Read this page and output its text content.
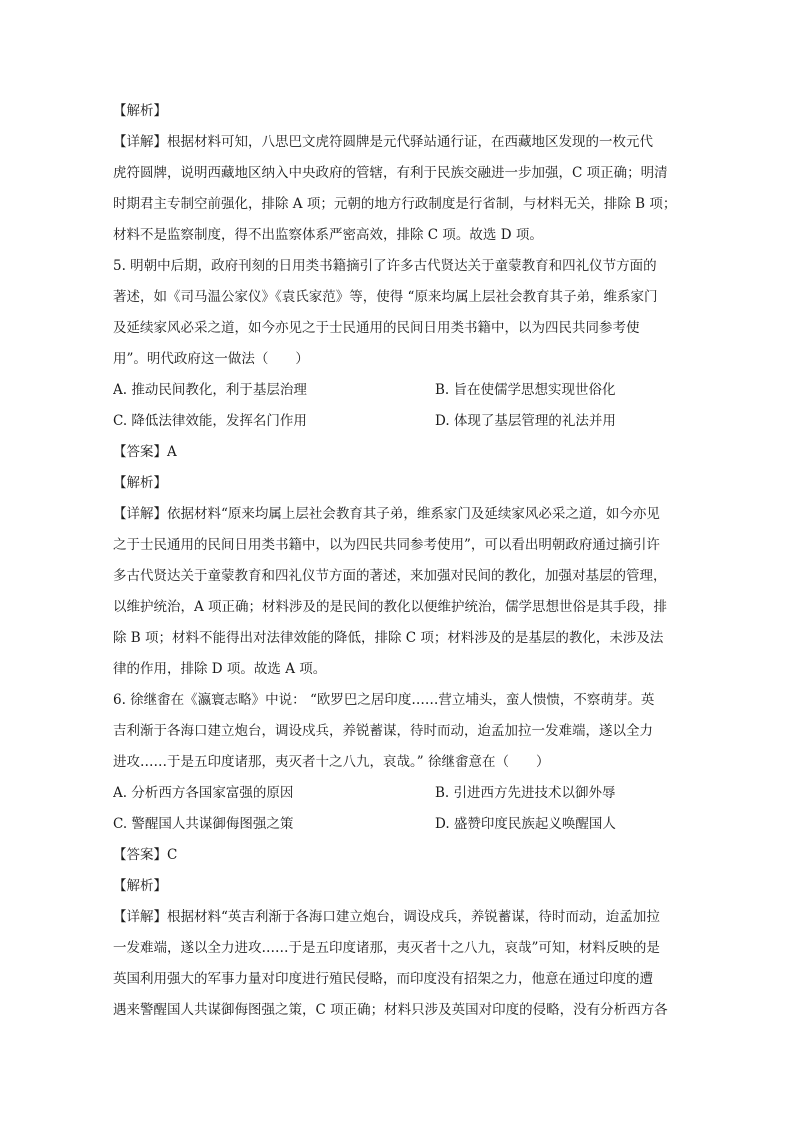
【解析】
【详解】根据材料可知，八思巴文虎符圆牌是元代驿站通行证，在西藏地区发现的一枚元代
虎符圆牌，说明西藏地区纳入中央政府的管辖，有利于民族交融进一步加强，C 项正确；明清
时期君主专制空前强化，排除 A 项；元朝的地方行政制度是行省制，与材料无关，排除 B 项；
材料不是监察制度，得不出监察体系严密高效，排除 C 项。故选 D 项。
5. 明朝中后期，政府刊刻的日用类书籍摘引了许多古代贤达关于童蒙教育和四礼仪节方面的
著述，如《司马温公家仪》《袁氏家范》等，使得 “原来均属上层社会教育其子弟，维系家门
及延续家风必采之道，如今亦见之于士民通用的民间日用类书籍中，以为四民共同参考使
用”。明代政府这一做法（　　）
A. 推动民间教化，利于基层治理	B. 旨在使儒学思想实现世俗化
C. 降低法律效能，发挥名门作用	D. 体现了基层管理的礼法并用
【答案】A
【解析】
【详解】依据材料“原来均属上层社会教育其子弟，维系家门及延续家风必采之道，如今亦见
之于士民通用的民间日用类书籍中，以为四民共同参考使用”，可以看出明朝政府通过摘引许
多古代贤达关于童蒙教育和四礼仪节方面的著述，来加强对民间的教化，加强对基层的管理，
以维护统治，A 项正确；材料涉及的是民间的教化以便维护统治，儒学思想世俗是其手段，排
除 B 项；材料不能得出对法律效能的降低，排除 C 项；材料涉及的是基层的教化，未涉及法
律的作用，排除 D 项。故选 A 项。
6. 徐继畬在《瀛寰志略》中说： “欧罗巴之居印度……营立埔头，蛮人愦愦，不察萌芽。英
吉利渐于各海口建立炮台，调设戍兵，养锐蓄谋，待时而动，迨孟加拉一发难端，遂以全力
进攻……于是五印度诸那，夷灭者十之八九，哀哉。” 徐继畬意在（　　）
A. 分析西方各国家富强的原因	B. 引进西方先进技术以御外辱
C. 警醒国人共谋御侮图强之策	D. 盛赞印度民族起义唤醒国人
【答案】C
【解析】
【详解】根据材料“英吉利渐于各海口建立炮台，调设戍兵，养锐蓄谋，待时而动，迨孟加拉
一发难端，遂以全力进攻……于是五印度诸那，夷灭者十之八九，哀哉”可知，材料反映的是
英国利用强大的军事力量对印度进行殖民侵略，而印度没有招架之力，他意在通过印度的遭
遇来警醒国人共谋御侮图强之策，C 项正确；材料只涉及英国对印度的侵略，没有分析西方各
